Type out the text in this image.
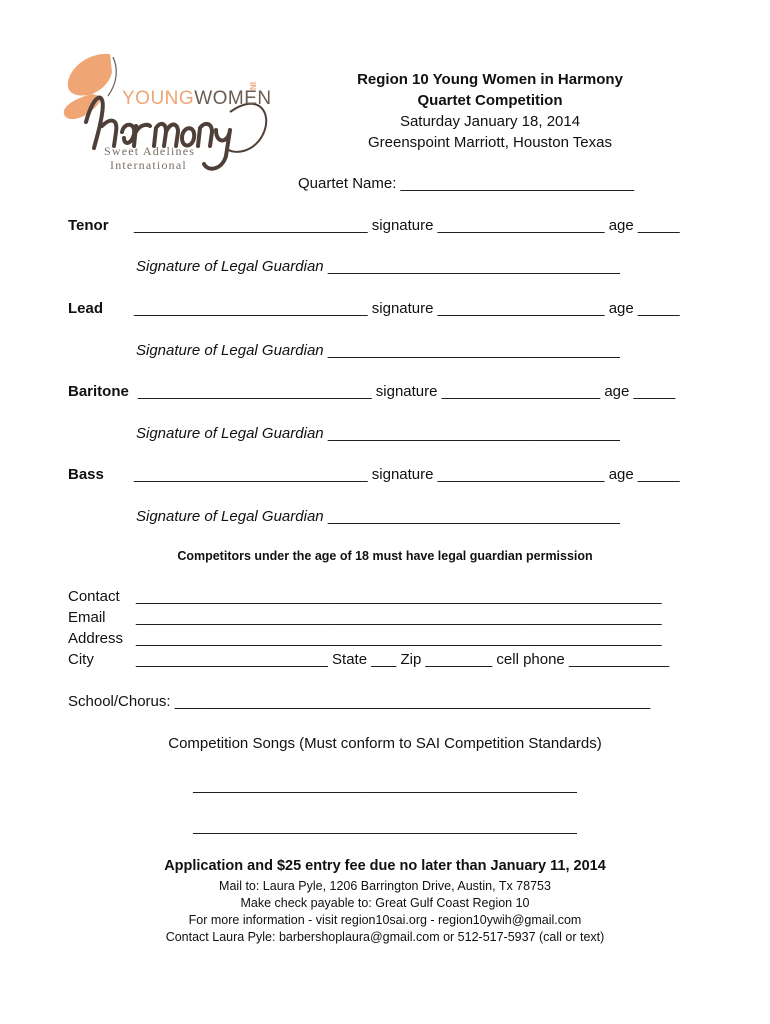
YOUNGWOMEN
IN
Sweet Adelines
International
Region 10 Young Women in Harmony
Quartet Competition
Saturday January 18, 2014
Greenspoint Marriott, Houston Texas
Quartet Name: ____________________________
Tenor ____________________________ signature ____________________ age _____
Signature of Legal Guardian ___________________________________
Lead ____________________________ signature ____________________ age _____
Signature of Legal Guardian ___________________________________
Baritone ____________________________ signature ___________________ age _____
Signature of Legal Guardian ___________________________________
Bass ____________________________ signature ____________________ age _____
Signature of Legal Guardian ___________________________________
Competitors under the age of 18 must have legal guardian permission
Contact _______________________________________________________________
Email _______________________________________________________________
Address _______________________________________________________________
City	_______________________ State ___ Zip ________ cell phone ____________
School/Chorus: _________________________________________________________
Competition Songs (Must conform to SAI Competition Standards)
______________________________________________
______________________________________________
Application and $25 entry fee due no later than January 11, 2014
Mail to: Laura Pyle, 1206 Barrington Drive, Austin, Tx 78753
Make check payable to: Great Gulf Coast Region 10
For more information - visit region10sai.org - region10ywih@gmail.com
Contact Laura Pyle: barbershoplaura@gmail.com or 512-517-5937 (call or text)
